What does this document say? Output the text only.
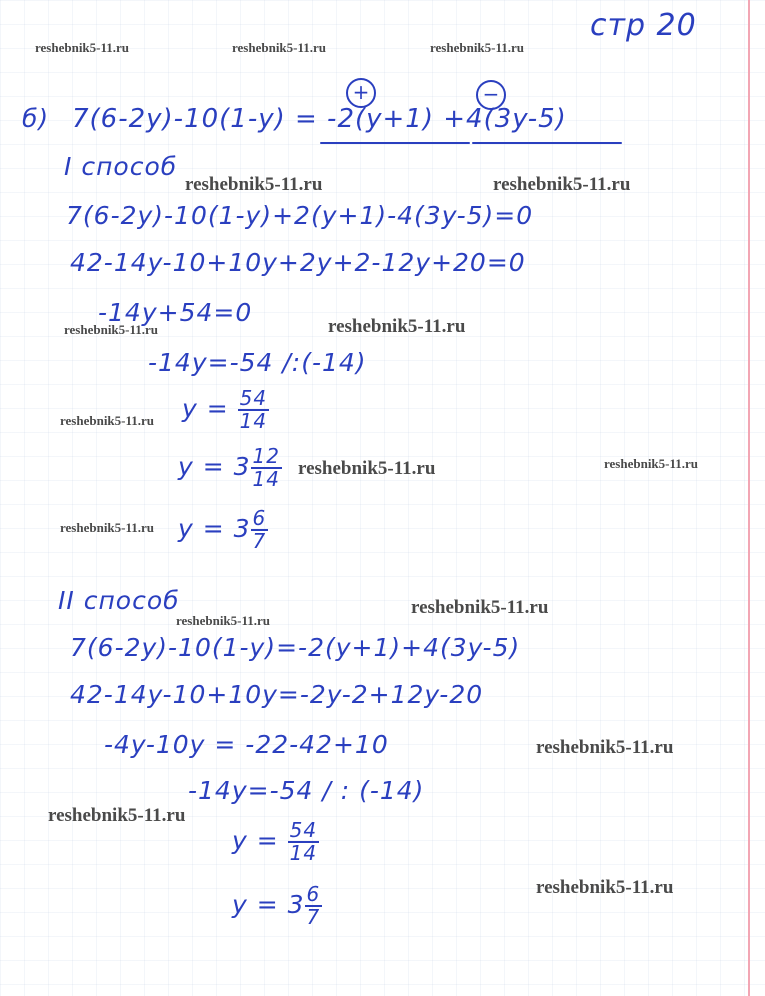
стр 20
reshebnik5-11.ru	reshebnik5-11.ru	reshebnik5-11.ru
б) 7(6-2y)-10(1-y) = -2(y+1) +4(3y-5)
+	−
I способ
reshebnik5-11.ru	reshebnik5-11.ru
7(6-2y)-10(1-y)+2(y+1)-4(3y-5)=0
42-14y-10+10y+2y+2-12y+20=0
-14y+54=0
reshebnik5-11.ru	reshebnik5-11.ru
-14y=-54 /:(-14)
reshebnik5-11.ru $y = \frac{54}{14}$
$y = 3 \frac{12}{14}$ reshebnik5-11.ru	reshebnik5-11.ru
reshebnik5-11.ru $y = 3 \frac{6}{7}$
II способ
reshebnik5-11.ru
reshebnik5-11.ru
7(6-2y)-10(1-y)=-2(y+1)+4(3y-5)
42-14y-10+10y=-2y-2+12y-20
-4y-10y = -22-42+10	reshebnik5-11.ru
-14y=-54 / : (-14)
reshebnik5-11.ru
$y = \frac{54}{14}$
reshebnik5-11.ru
$y = 3 \frac{6}{7}$
